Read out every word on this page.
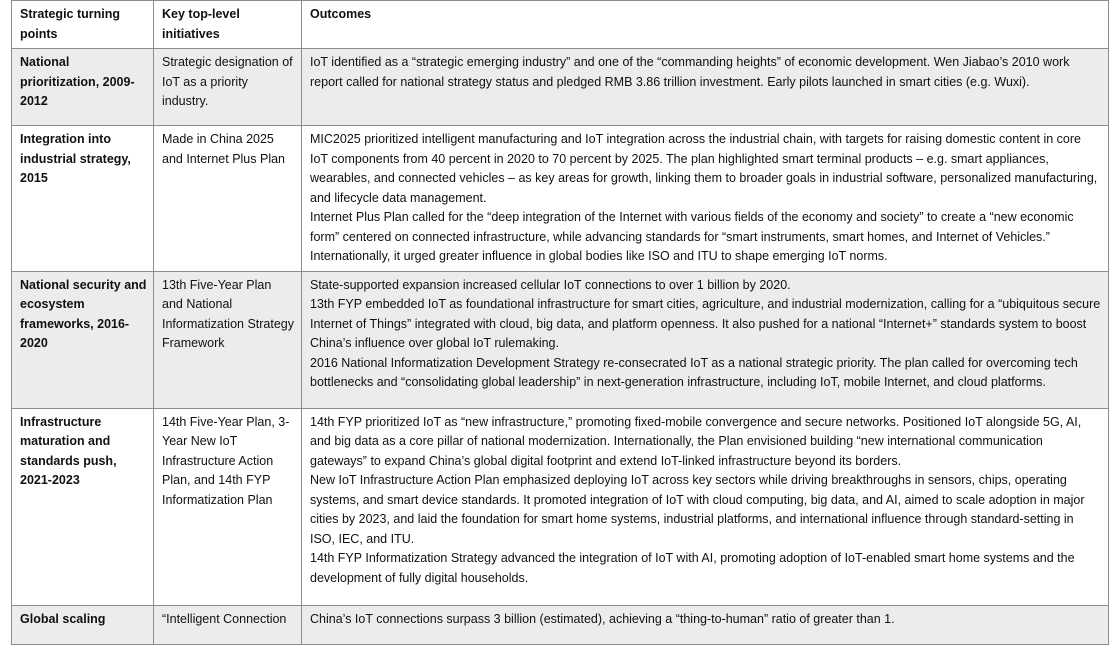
Strategic turning points	Key top-level initiatives	Outcomes
National prioritization, 2009-2012	Strategic designation of IoT as a priority industry.	IoT identified as a “strategic emerging industry” and one of the “commanding heights” of economic development. Wen Jiabao’s 2010 work report called for national strategy status and pledged RMB 3.86 trillion investment. Early pilots launched in smart cities (e.g. Wuxi).

Integration into industrial strategy, 2015	Made in China 2025 and Internet Plus Plan	MIC2025 prioritized intelligent manufacturing and IoT integration across the industrial chain, with targets for raising domestic content in core IoT components from 40 percent in 2020 to 70 percent by 2025. The plan highlighted smart terminal products – e.g. smart appliances, wearables, and connected vehicles – as key areas for growth, linking them to broader goals in industrial software, personalized manufacturing, and lifecycle data management.
Internet Plus Plan called for the “deep integration of the Internet with various fields of the economy and society” to create a “new economic form” centered on connected infrastructure, while advancing standards for “smart instruments, smart homes, and Internet of Vehicles.” Internationally, it urged greater influence in global bodies like ISO and ITU to shape emerging IoT norms.

National security and ecosystem frameworks, 2016-2020	13th Five-Year Plan and National Informatization Strategy Framework	State-supported expansion increased cellular IoT connections to over 1 billion by 2020.
13th FYP embedded IoT as foundational infrastructure for smart cities, agriculture, and industrial modernization, calling for a “ubiquitous secure Internet of Things” integrated with cloud, big data, and platform openness. It also pushed for a national “Internet+” standards system to boost China’s influence over global IoT rulemaking.
2016 National Informatization Development Strategy re-consecrated IoT as a national strategic priority. The plan called for overcoming tech bottlenecks and “consolidating global leadership” in next-generation infrastructure, including IoT, mobile Internet, and cloud platforms.

Infrastructure maturation and standards push, 2021-2023	14th Five-Year Plan, 3-Year New IoT Infrastructure Action Plan, and 14th FYP Informatization Plan	14th FYP prioritized IoT as “new infrastructure,” promoting fixed-mobile convergence and secure networks. Positioned IoT alongside 5G, AI, and big data as a core pillar of national modernization. Internationally, the Plan envisioned building “new international communication gateways” to expand China’s global digital footprint and extend IoT-linked infrastructure beyond its borders.
New IoT Infrastructure Action Plan emphasized deploying IoT across key sectors while driving breakthroughs in sensors, chips, operating systems, and smart device standards. It promoted integration of IoT with cloud computing, big data, and AI, aimed to scale adoption in major cities by 2023, and laid the foundation for smart home systems, industrial platforms, and international influence through standard-setting in ISO, IEC, and ITU.
14th FYP Informatization Strategy advanced the integration of IoT with AI, promoting adoption of IoT-enabled smart home systems and the development of fully digital households.

Global scaling	“Intelligent Connection	China’s IoT connections surpass 3 billion (estimated), achieving a “thing-to-human” ratio of greater than 1.
